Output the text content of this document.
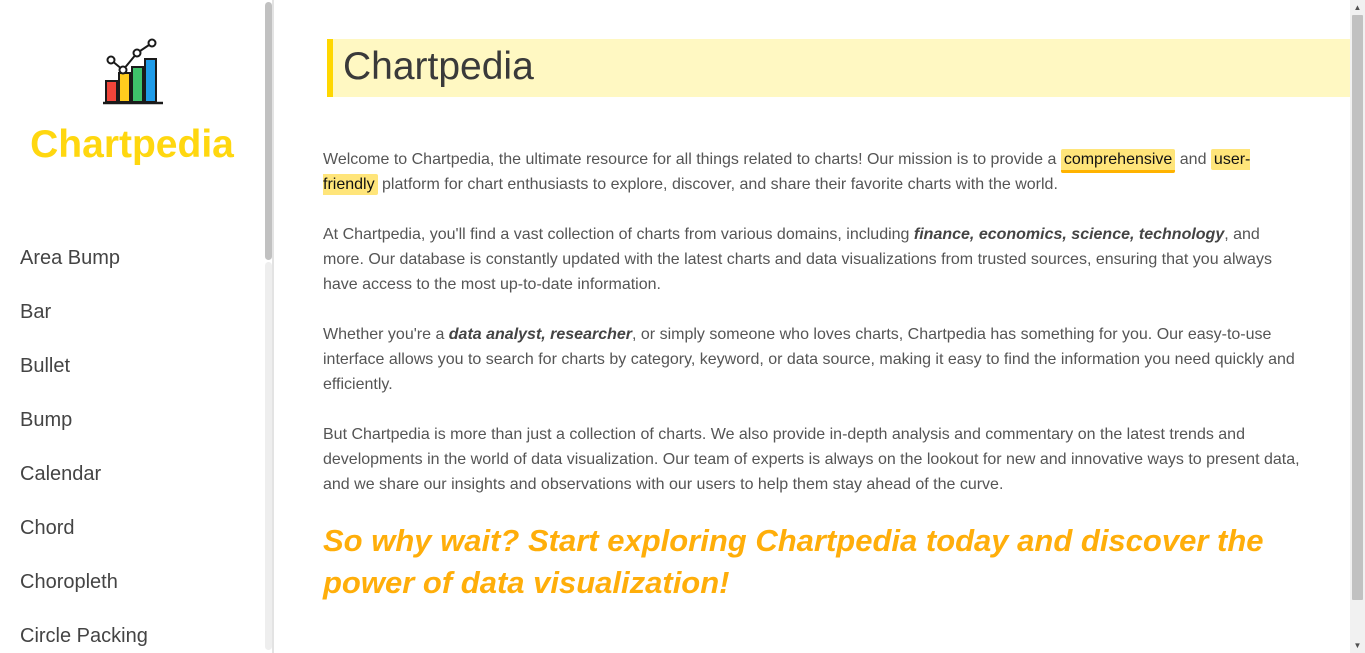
Chartpedia
Area Bump
Bar
Bullet
Bump
Calendar
Chord
Choropleth
Circle Packing
Chartpedia

Welcome to Chartpedia, the ultimate resource for all things related to charts! Our mission is to provide a comprehensive and user-friendly platform for chart enthusiasts to explore, discover, and share their favorite charts with the world.

At Chartpedia, you'll find a vast collection of charts from various domains, including finance, economics, science, technology, and more. Our database is constantly updated with the latest charts and data visualizations from trusted sources, ensuring that you always have access to the most up-to-date information.

Whether you're a data analyst, researcher, or simply someone who loves charts, Chartpedia has something for you. Our easy-to-use interface allows you to search for charts by category, keyword, or data source, making it easy to find the information you need quickly and efficiently.

But Chartpedia is more than just a collection of charts. We also provide in-depth analysis and commentary on the latest trends and developments in the world of data visualization. Our team of experts is always on the lookout for new and innovative ways to present data, and we share our insights and observations with our users to help them stay ahead of the curve.

So why wait? Start exploring Chartpedia today and discover the power of data visualization!
▲
▼
